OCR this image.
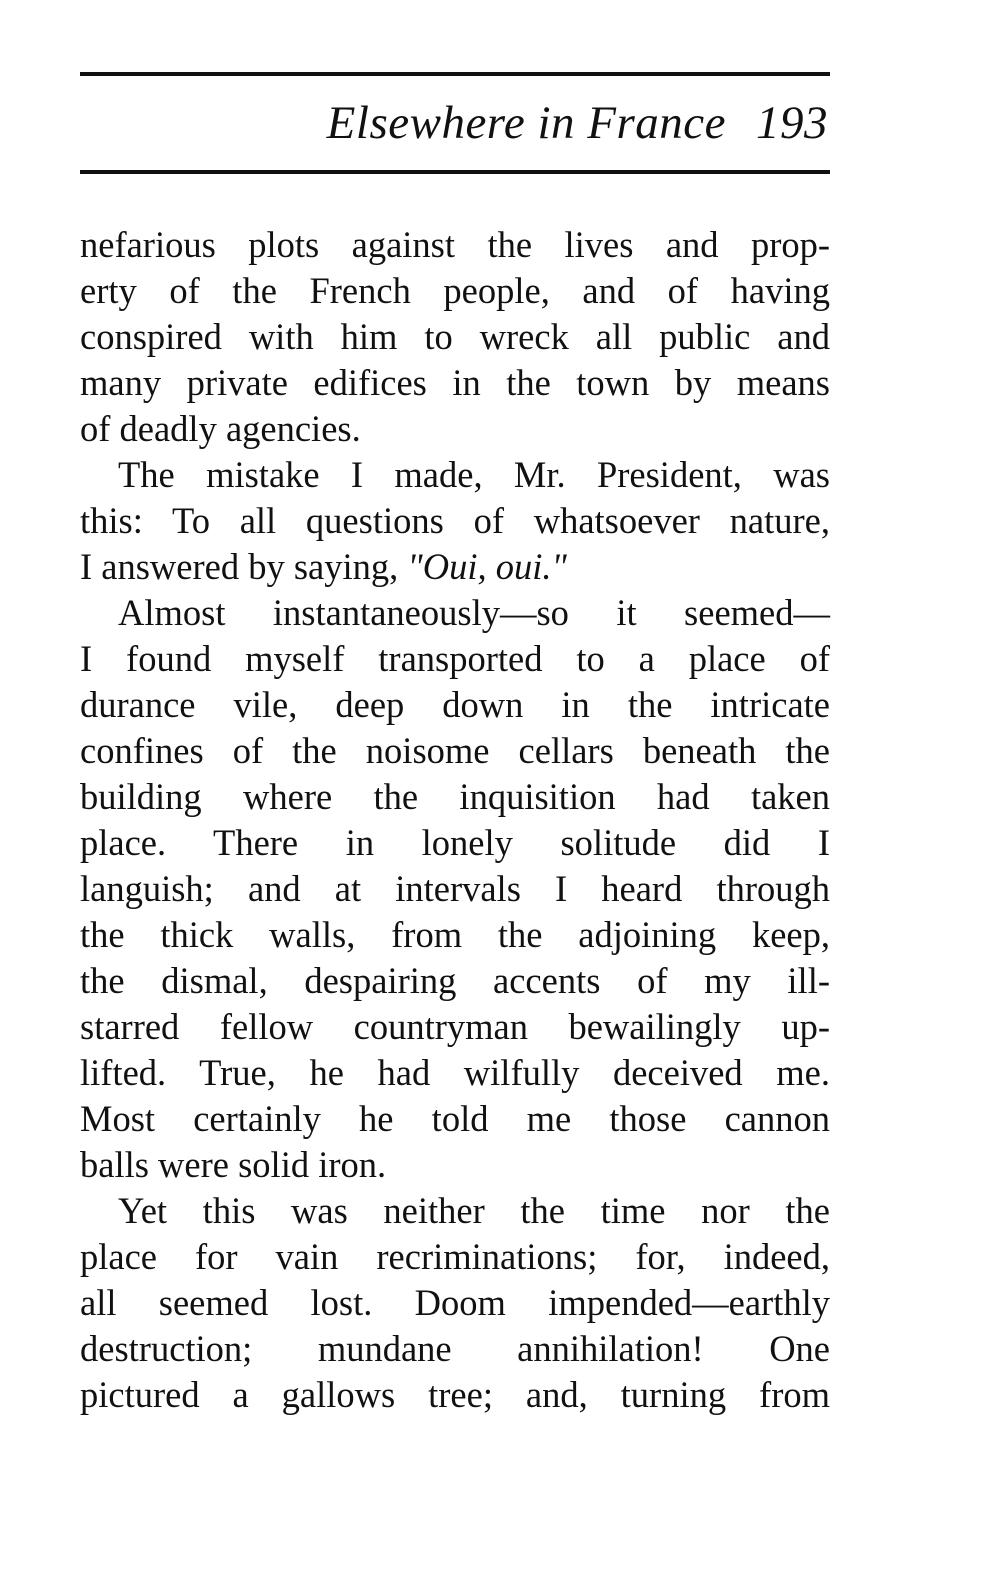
Elsewhere in France 193
nefarious plots against the lives and prop-
erty of the French people, and of having
conspired with him to wreck all public and
many private edifices in the town by means
of deadly agencies.
The mistake I made, Mr. President, was
this: To all questions of whatsoever nature,
I answered by saying, "Oui, oui."
Almost instantaneously—so it seemed—
I found myself transported to a place of
durance vile, deep down in the intricate
confines of the noisome cellars beneath the
building where the inquisition had taken
place. There in lonely solitude did I
languish; and at intervals I heard through
the thick walls, from the adjoining keep,
the dismal, despairing accents of my ill-
starred fellow countryman bewailingly up-
lifted. True, he had wilfully deceived me.
Most certainly he told me those cannon
balls were solid iron.
Yet this was neither the time nor the
place for vain recriminations; for, indeed,
all seemed lost. Doom impended—earthly
destruction; mundane annihilation! One
pictured a gallows tree; and, turning from
